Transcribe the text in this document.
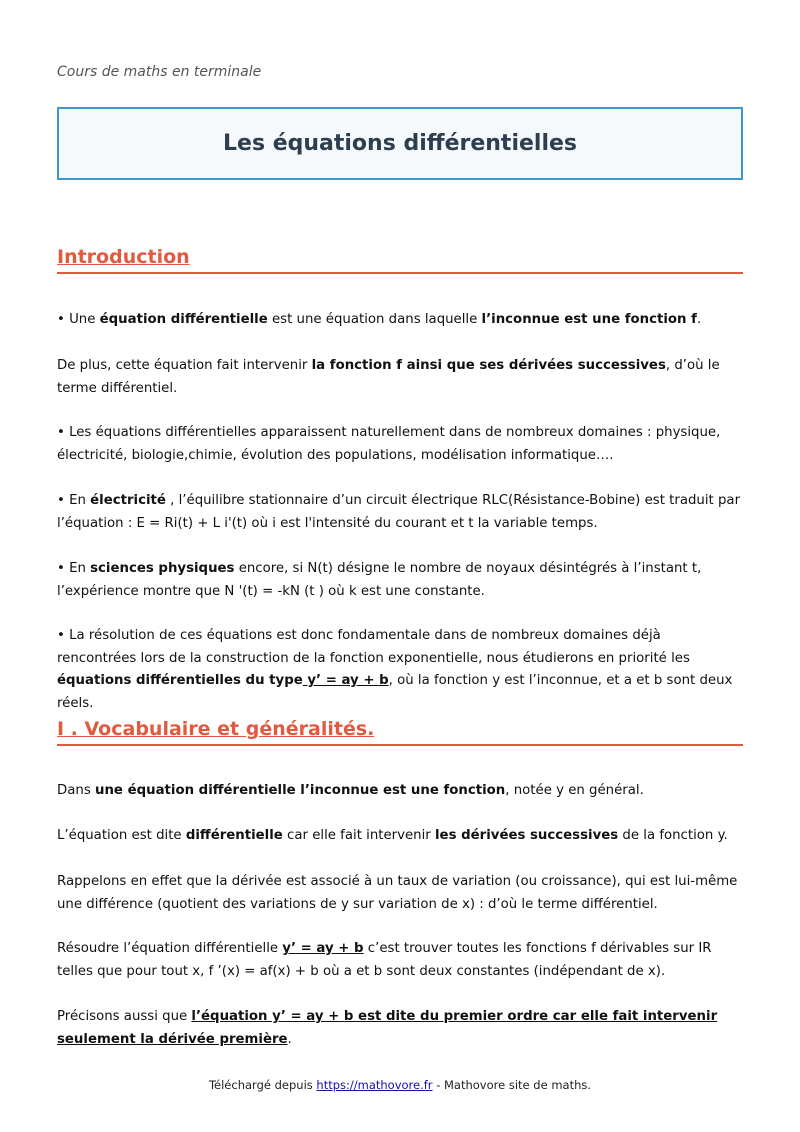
Cours de maths en terminale
Les équations différentielles
Introduction

• Une équation différentielle est une équation dans laquelle l’inconnue est une fonction f.

De plus, cette équation fait intervenir la fonction f ainsi que ses dérivées successives, d’où le terme différentiel.

• Les équations différentielles apparaissent naturellement dans de nombreux domaines : physique, électricité, biologie,chimie, évolution des populations, modélisation informatique….

• En électricité , l’équilibre stationnaire d’un circuit électrique RLC(Résistance-Bobine) est traduit par l’équation : E = Ri(t) + L i'(t) où i est l'intensité du courant et t la variable temps.

• En sciences physiques encore, si N(t) désigne le nombre de noyaux désintégrés à l’instant t, l’expérience montre que N '(t) = -kN (t ) où k est une constante.

• La résolution de ces équations est donc fondamentale dans de nombreux domaines déjà rencontrées lors de la construction de la fonction exponentielle, nous étudierons en priorité les équations différentielles du type y’ = ay + b, où la fonction y est l’inconnue, et a et b sont deux réels.

I . Vocabulaire et généralités.

Dans une équation différentielle l’inconnue est une fonction, notée y en général.

L’équation est dite différentielle car elle fait intervenir les dérivées successives de la fonction y.

Rappelons en effet que la dérivée est associé à un taux de variation (ou croissance), qui est lui-même une différence (quotient des variations de y sur variation de x) : d’où le terme différentiel.

Résoudre l’équation différentielle y’ = ay + b c’est trouver toutes les fonctions f dérivables sur IR telles que pour tout x, f ’(x) = af(x) + b où a et b sont deux constantes (indépendant de x).

Précisons aussi que l’équation y’ = ay + b est dite du premier ordre car elle fait intervenir seulement la dérivée première.

Téléchargé depuis https://mathovore.fr - Mathovore site de maths.
